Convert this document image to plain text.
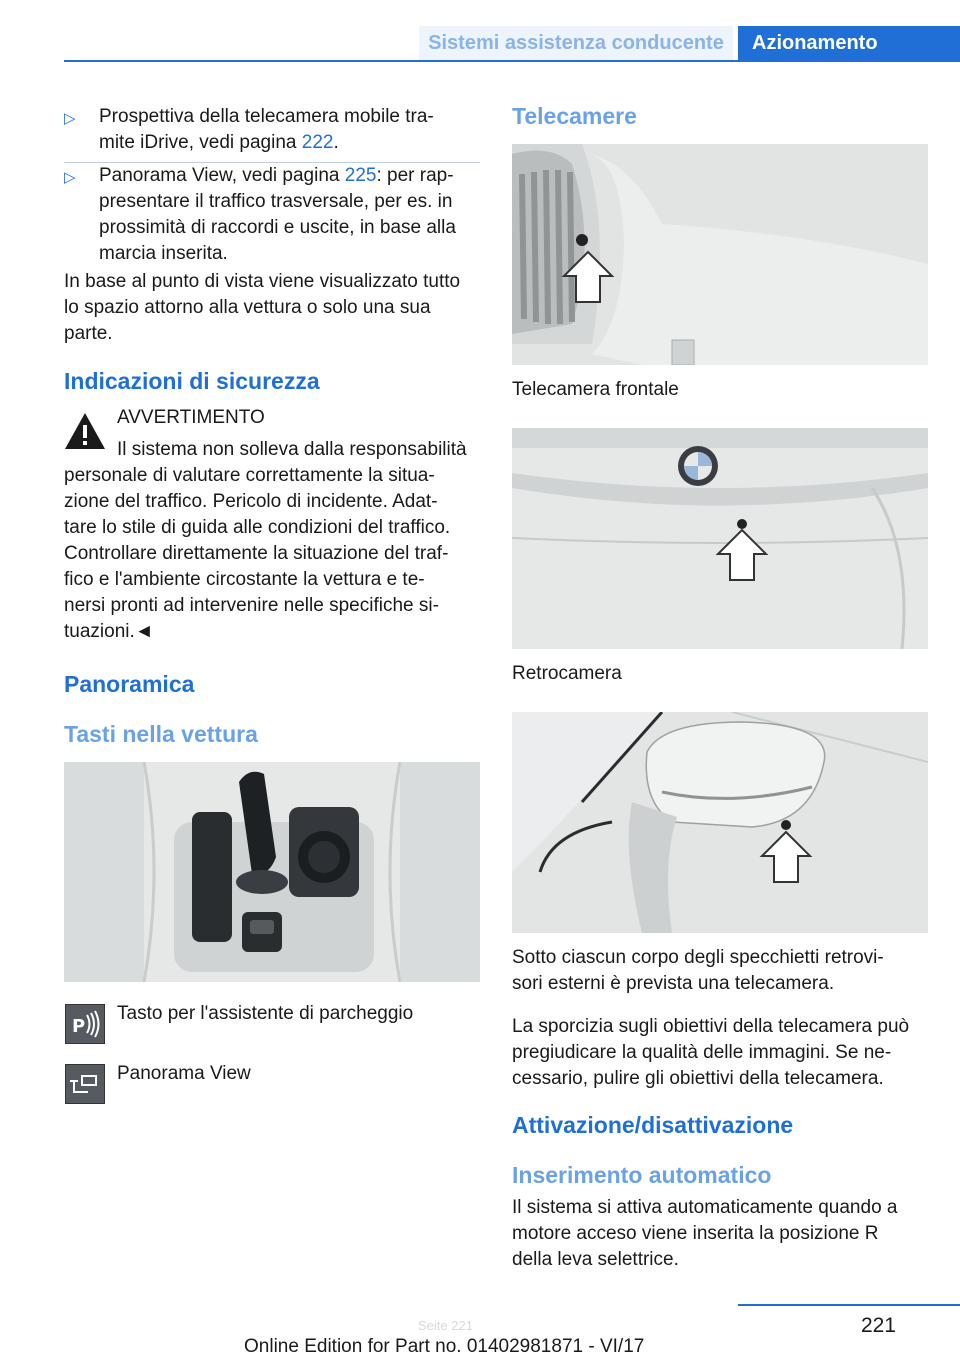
Sistemi assistenza conducente	Azionamento
▷ Prospettiva della telecamera mobile tra-
mite iDrive, vedi pagina 222.
▷ Panorama View, vedi pagina 225: per rap-
presentare il traffico trasversale, per es. in
prossimità di raccordi e uscite, in base alla
marcia inserita.
In base al punto di vista viene visualizzato tutto
lo spazio attorno alla vettura o solo una sua
parte.
Indicazioni di sicurezza
AVVERTIMENTO
Il sistema non solleva dalla responsabilità
personale di valutare correttamente la situa-
zione del traffico. Pericolo di incidente. Adat-
tare lo stile di guida alle condizioni del traffico.
Controllare direttamente la situazione del traf-
fico e l'ambiente circostante la vettura e te-
nersi pronti ad intervenire nelle specifiche si-
tuazioni.◄
Panoramica
Tasti nella vettura
P
Tasto per l'assistente di parcheggio
Panorama View
Telecamere
Telecamera frontale
Retrocamera
Sotto ciascun corpo degli specchietti retrovi-
sori esterni è prevista una telecamera.
La sporcizia sugli obiettivi della telecamera può
pregiudicare la qualità delle immagini. Se ne-
cessario, pulire gli obiettivi della telecamera.
Attivazione/disattivazione
Inserimento automatico
Il sistema si attiva automaticamente quando a
motore acceso viene inserita la posizione R
della leva selettrice.
221
Seite 221
Online Edition for Part no. 01402981871 - VI/17
